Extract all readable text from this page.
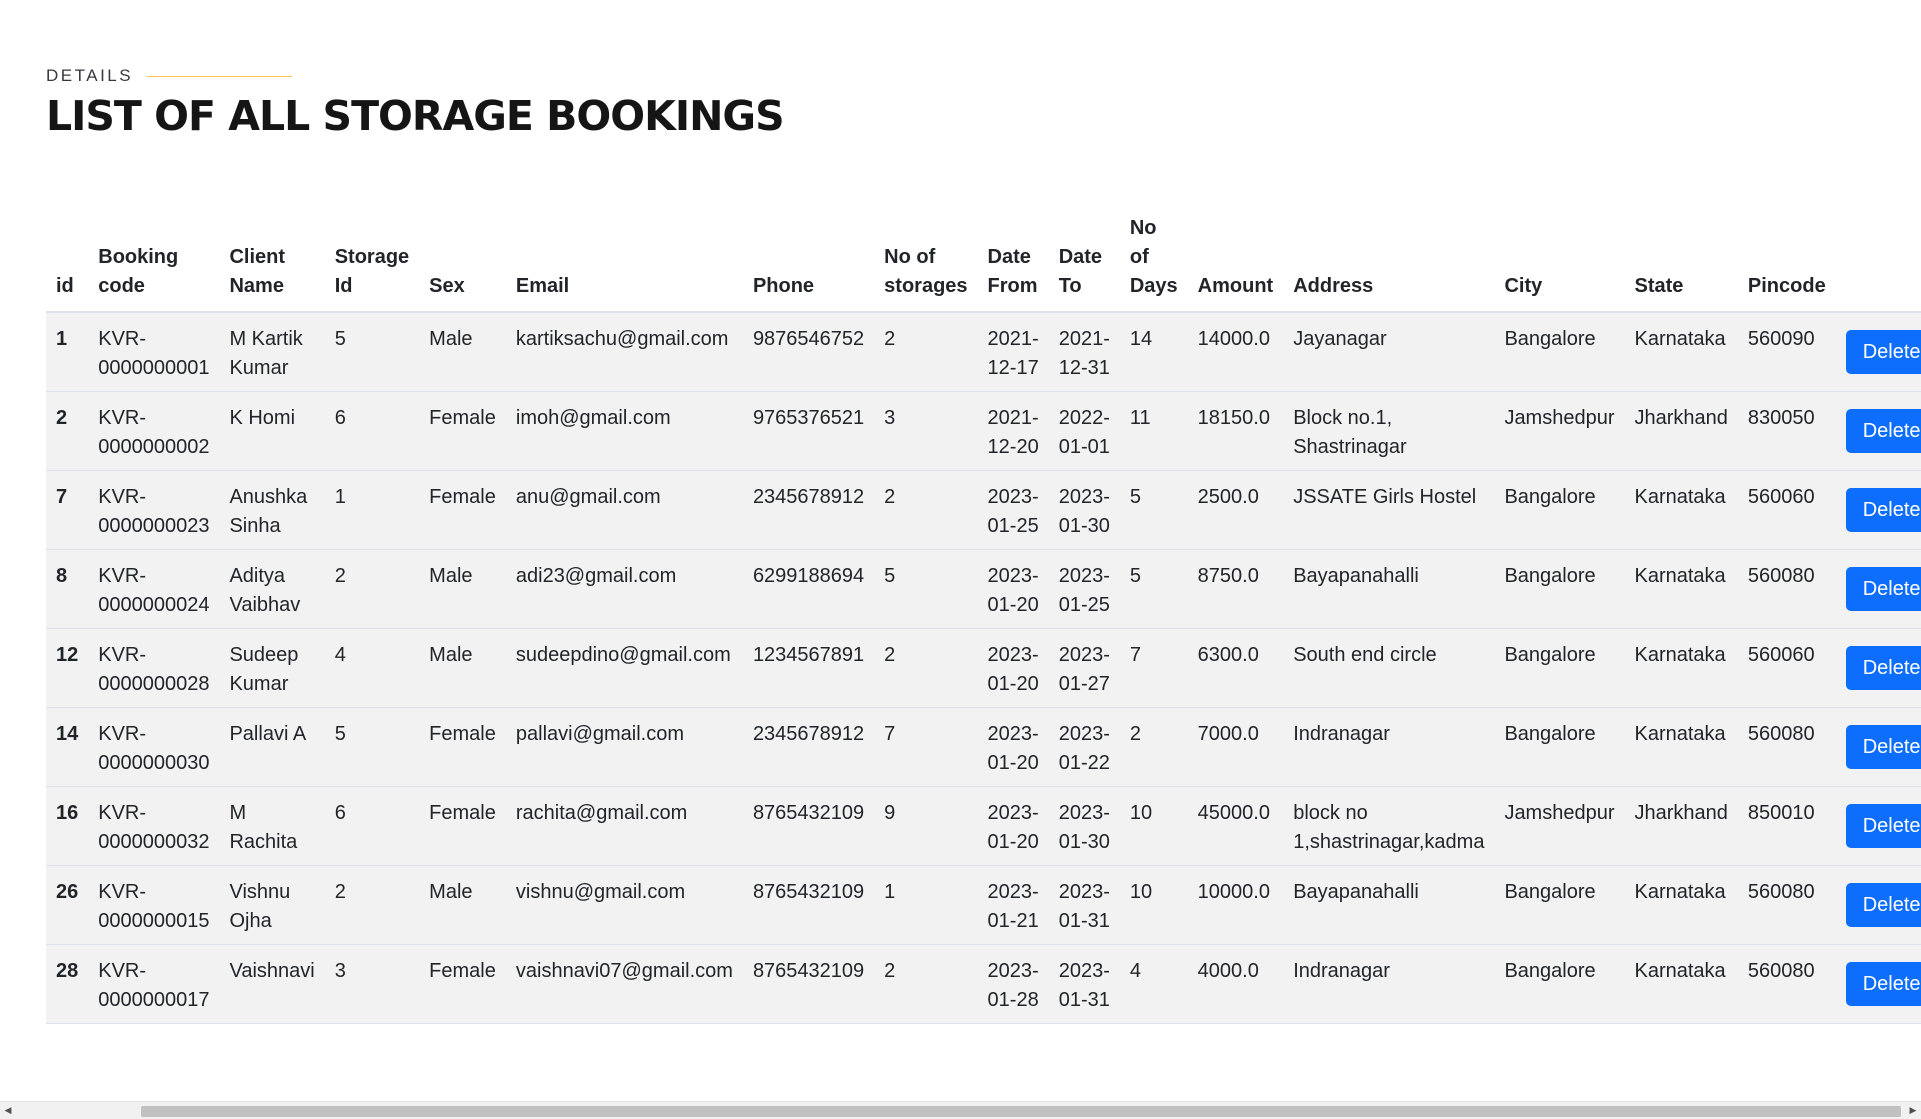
DETAILS
LIST OF ALL STORAGE BOOKINGS
id	Booking code	Client Name	Storage Id	Sex	Email	Phone	No of storages	Date From	Date To	No of Days	Amount	Address	City	State	Pincode	
1	KVR-0000000001	M Kartik Kumar	5	Male	kartiksachu@gmail.com	9876546752	2	2021-12-17	2021-12-31	14	14000.0	Jayanagar	Bangalore	Karnataka	560090	Delete
2	KVR-0000000002	K Homi	6	Female	imoh@gmail.com	9765376521	3	2021-12-20	2022-01-01	11	18150.0	Block no.1, Shastrinagar	Jamshedpur	Jharkhand	830050	Delete
7	KVR-0000000023	Anushka Sinha	1	Female	anu@gmail.com	2345678912	2	2023-01-25	2023-01-30	5	2500.0	JSSATE Girls Hostel	Bangalore	Karnataka	560060	Delete
8	KVR-0000000024	Aditya Vaibhav	2	Male	adi23@gmail.com	6299188694	5	2023-01-20	2023-01-25	5	8750.0	Bayapanahalli	Bangalore	Karnataka	560080	Delete
12	KVR-0000000028	Sudeep Kumar	4	Male	sudeepdino@gmail.com	1234567891	2	2023-01-20	2023-01-27	7	6300.0	South end circle	Bangalore	Karnataka	560060	Delete
14	KVR-0000000030	Pallavi A	5	Female	pallavi@gmail.com	2345678912	7	2023-01-20	2023-01-22	2	7000.0	Indranagar	Bangalore	Karnataka	560080	Delete
16	KVR-0000000032	M Rachita	6	Female	rachita@gmail.com	8765432109	9	2023-01-20	2023-01-30	10	45000.0	block no 1,shastrinagar,kadma	Jamshedpur	Jharkhand	850010	Delete
26	KVR-0000000015	Vishnu Ojha	2	Male	vishnu@gmail.com	8765432109	1	2023-01-21	2023-01-31	10	10000.0	Bayapanahalli	Bangalore	Karnataka	560080	Delete
28	KVR-0000000017	Vaishnavi	3	Female	vaishnavi07@gmail.com	8765432109	2	2023-01-28	2023-01-31	4	4000.0	Indranagar	Bangalore	Karnataka	560080	Delete
◀	▶
